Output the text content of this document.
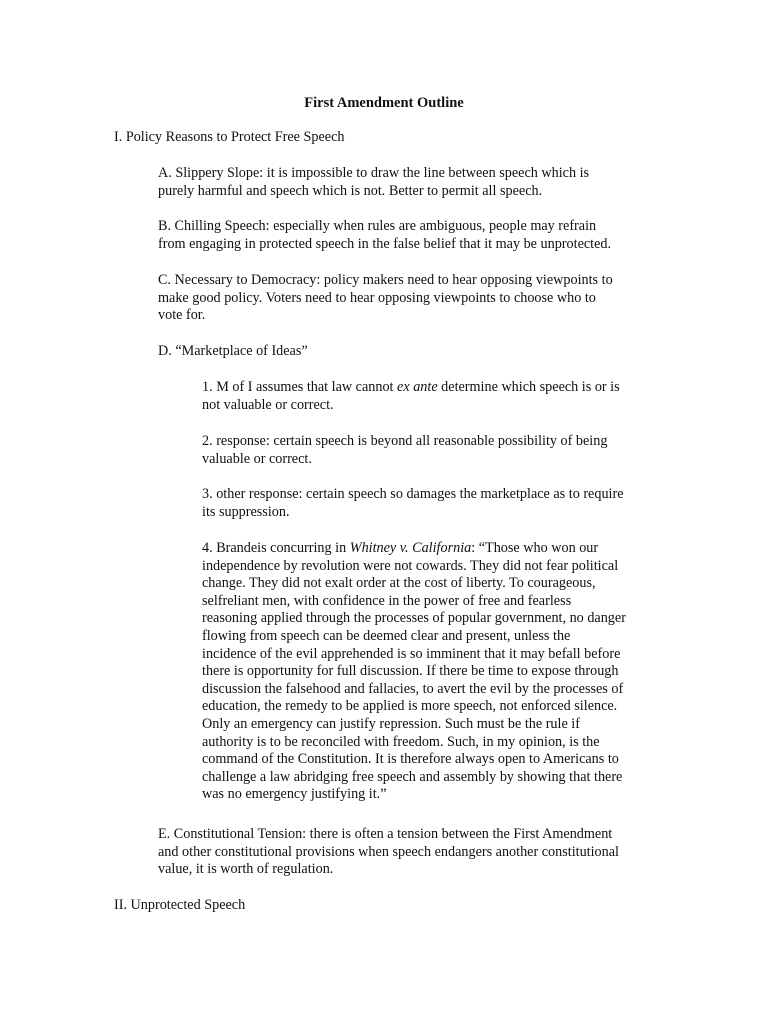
First Amendment Outline
I. Policy Reasons to Protect Free Speech
A. Slippery Slope: it is impossible to draw the line between speech which is
purely harmful and speech which is not. Better to permit all speech.
B. Chilling Speech: especially when rules are ambiguous, people may refrain
from engaging in protected speech in the false belief that it may be unprotected.
C. Necessary to Democracy: policy makers need to hear opposing viewpoints to
make good policy. Voters need to hear opposing viewpoints to choose who to
vote for.
D. “Marketplace of Ideas”
1. M of I assumes that law cannot ex ante determine which speech is or is
not valuable or correct.
2. response: certain speech is beyond all reasonable possibility of being
valuable or correct.
3. other response: certain speech so damages the marketplace as to require
its suppression.
4. Brandeis concurring in Whitney v. California: “Those who won our
independence by revolution were not cowards. They did not fear political
change. They did not exalt order at the cost of liberty. To courageous,
selfreliant men, with confidence in the power of free and fearless
reasoning applied through the processes of popular government, no danger
flowing from speech can be deemed clear and present, unless the
incidence of the evil apprehended is so imminent that it may befall before
there is opportunity for full discussion. If there be time to expose through
discussion the falsehood and fallacies, to avert the evil by the processes of
education, the remedy to be applied is more speech, not enforced silence.
Only an emergency can justify repression. Such must be the rule if
authority is to be reconciled with freedom. Such, in my opinion, is the
command of the Constitution. It is therefore always open to Americans to
challenge a law abridging free speech and assembly by showing that there
was no emergency justifying it.”
E. Constitutional Tension: there is often a tension between the First Amendment
and other constitutional provisions when speech endangers another constitutional
value, it is worth of regulation.
II. Unprotected Speech
